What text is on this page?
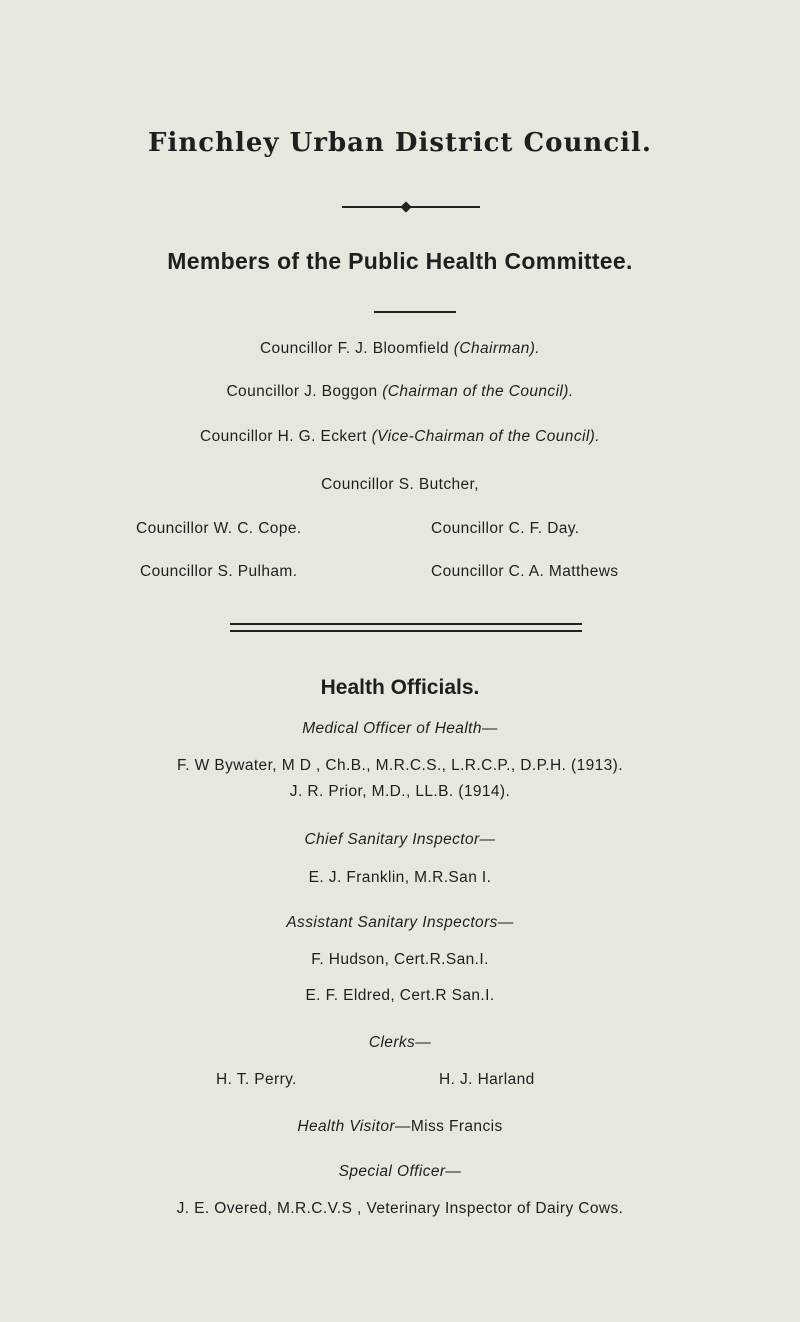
Finchley Urban District Council.
Members of the Public Health Committee.
Councillor F. J. Bloomfield (Chairman).
Councillor J. Boggon (Chairman of the Council).
Councillor H. G. Eckert (Vice-Chairman of the Council).
Councillor S. Butcher,
Councillor W. C. Cope.	Councillor C. F. Day.
Councillor S. Pulham.	Councillor C. A. Matthews
Health Officials.
Medical Officer of Health—
F. W Bywater, M D , Ch.B., M.R.C.S., L.R.C.P., D.P.H. (1913).
J. R. Prior, M.D., LL.B. (1914).
Chief Sanitary Inspector—
E. J. Franklin, M.R.San I.
Assistant Sanitary Inspectors—
F. Hudson, Cert.R.San.I.
E. F. Eldred, Cert.R San.I.
Clerks—
H. T. Perry.	H. J. Harland
Health Visitor—Miss Francis
Special Officer—
J. E. Overed, M.R.C.V.S , Veterinary Inspector of Dairy Cows.
